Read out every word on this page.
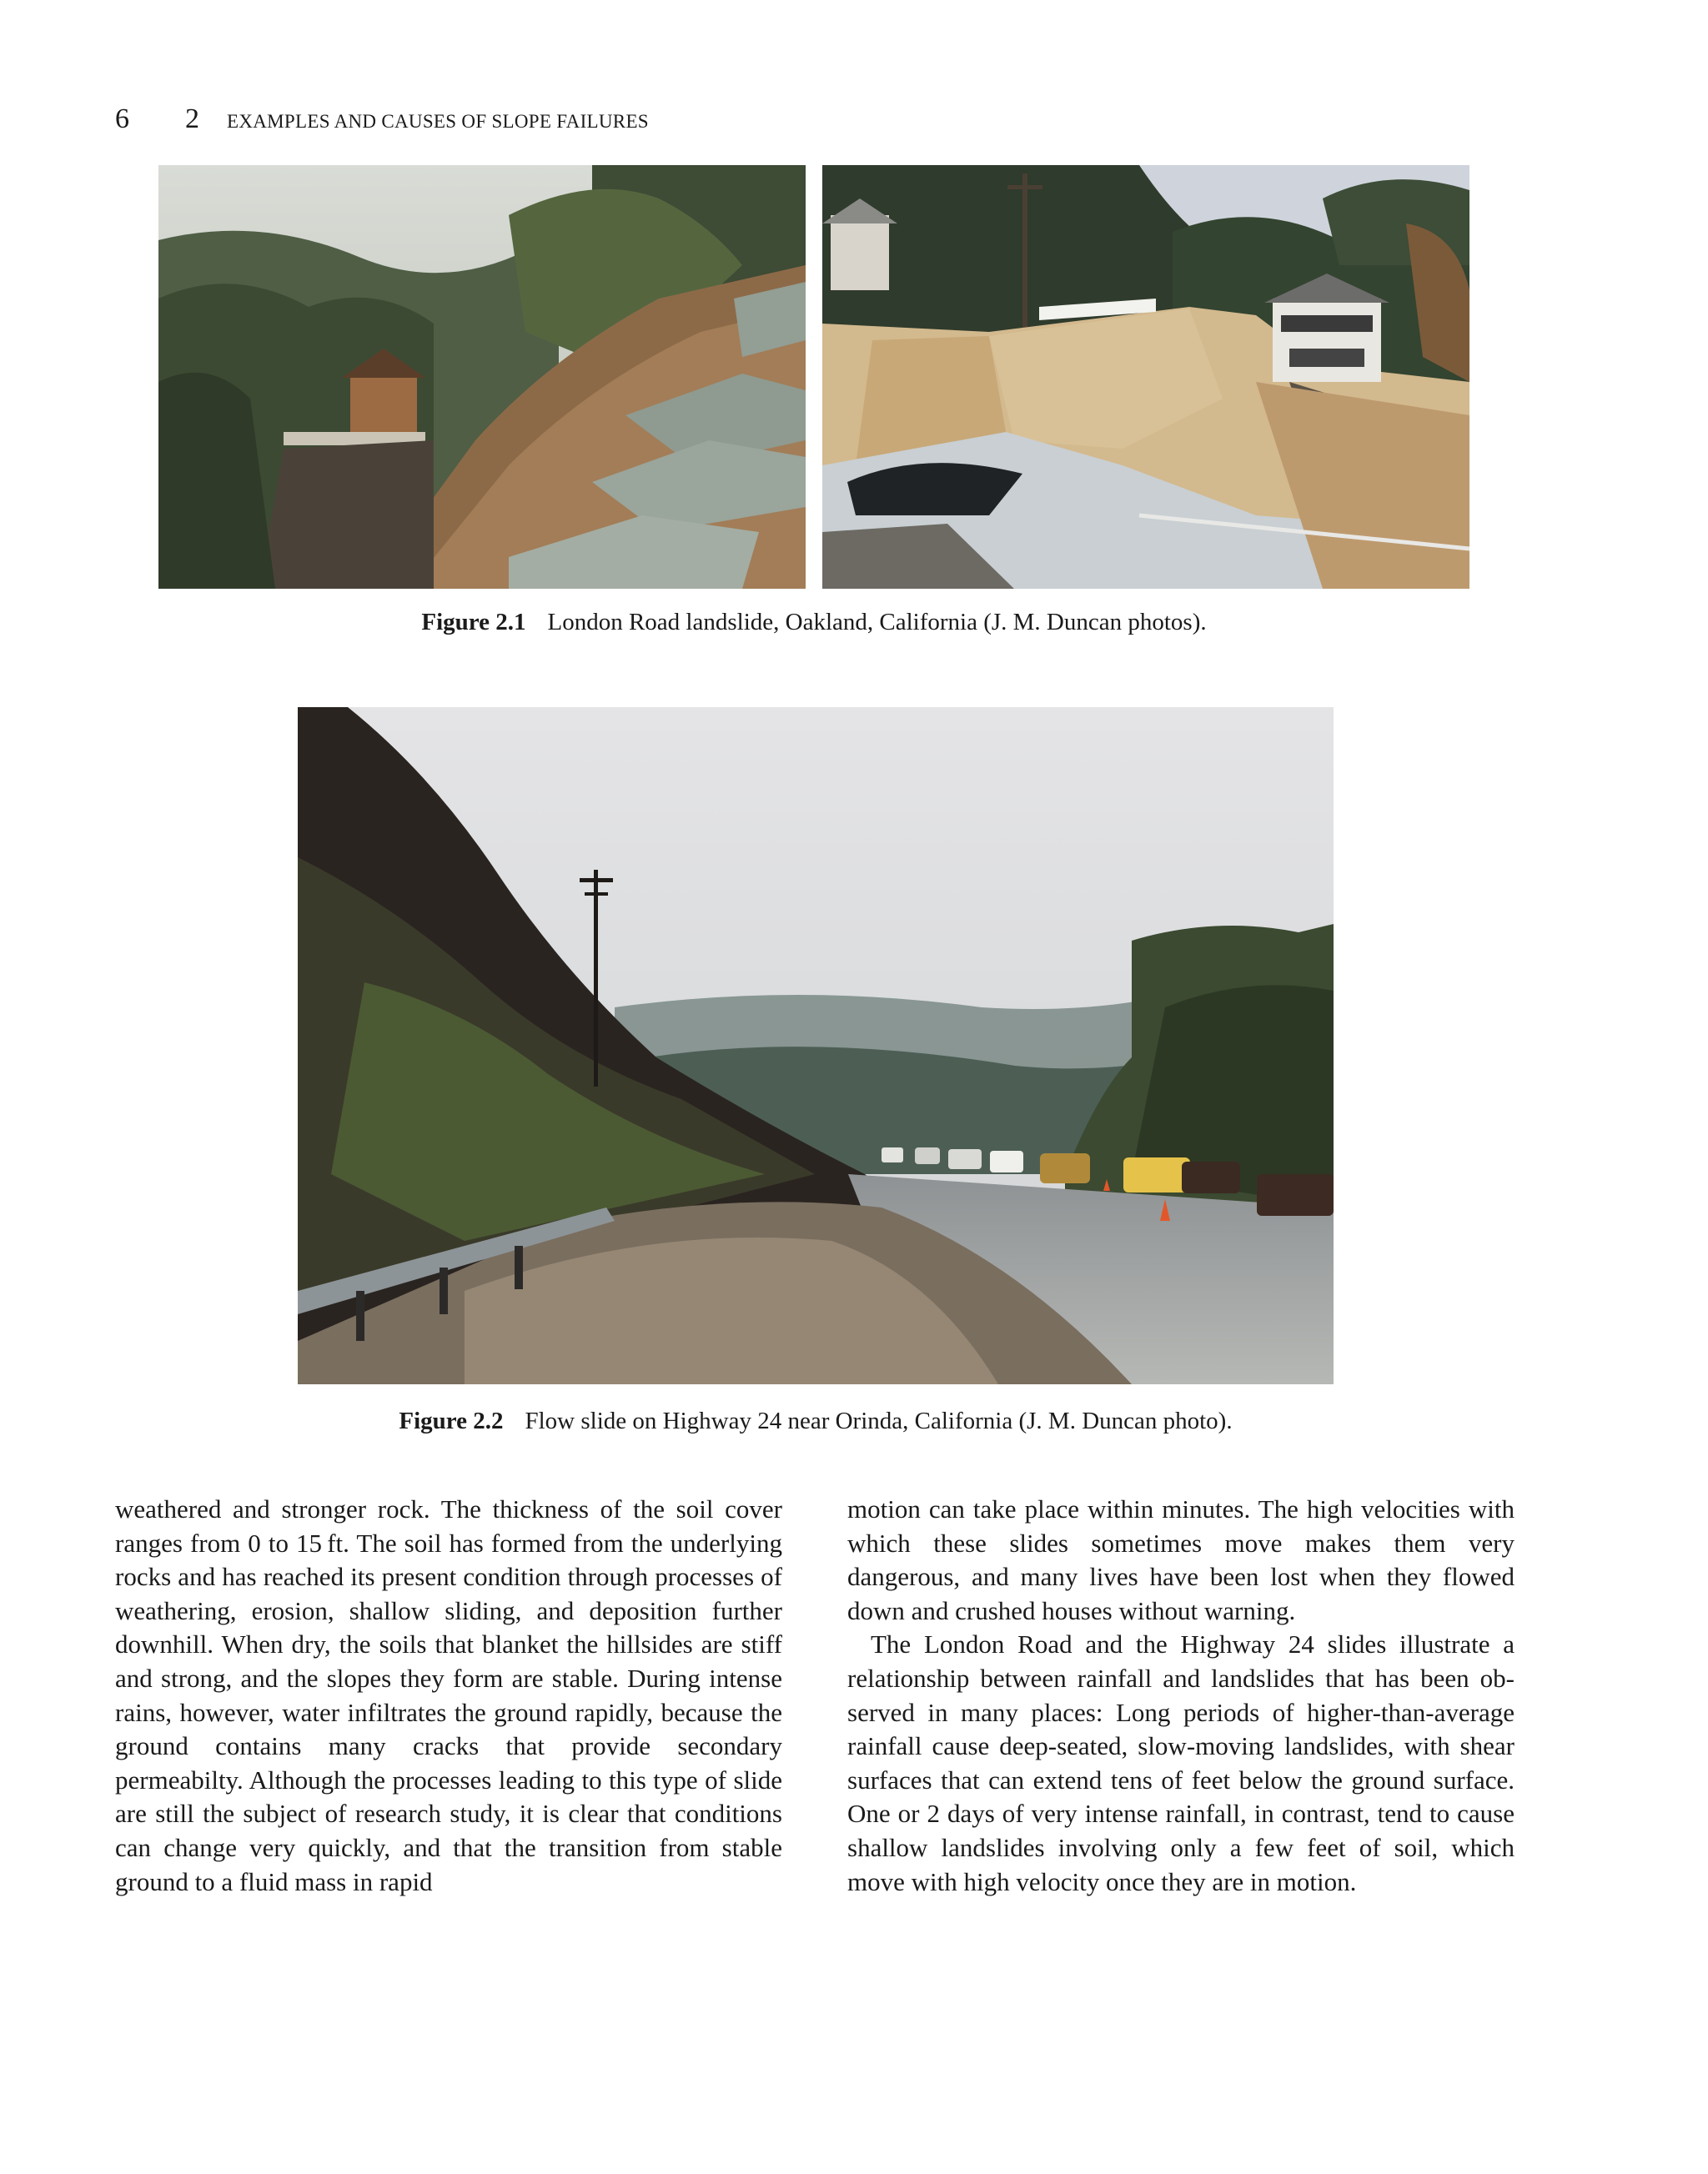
6	2	EXAMPLES AND CAUSES OF SLOPE FAILURES
Figure 2.1 London Road landslide, Oakland, California (J. M. Duncan photos).
Figure 2.2 Flow slide on Highway 24 near Orinda, California (J. M. Duncan photo).

weathered and stronger rock. The thickness of the soil cover ranges from 0 to 15 ft. The soil has formed from the underlying rocks and has reached its present condition through processes of weathering, erosion, shallow sliding, and deposition further downhill. When dry, the soils that blanket the hillsides are stiff and strong, and the slopes they form are stable. During intense rains, however, water infiltrates the ground rapidly, because the ground contains many cracks that provide secondary permeabilty. Although the processes leading to this type of slide are still the subject of research study, it is clear that conditions can change very quickly, and that the transition from stable ground to a fluid mass in rapid

motion can take place within minutes. The high velocities with which these slides sometimes move makes them very dangerous, and many lives have been lost when they flowed down and crushed houses without warning.

The London Road and the Highway 24 slides illustrate a relationship between rainfall and landslides that has been observed in many places: Long periods of higher-than-average rainfall cause deep-seated, slow-moving landslides, with shear surfaces that can extend tens of feet below the ground surface. One or 2 days of very intense rainfall, in contrast, tend to cause shallow landslides involving only a few feet of soil, which move with high velocity once they are in motion.
